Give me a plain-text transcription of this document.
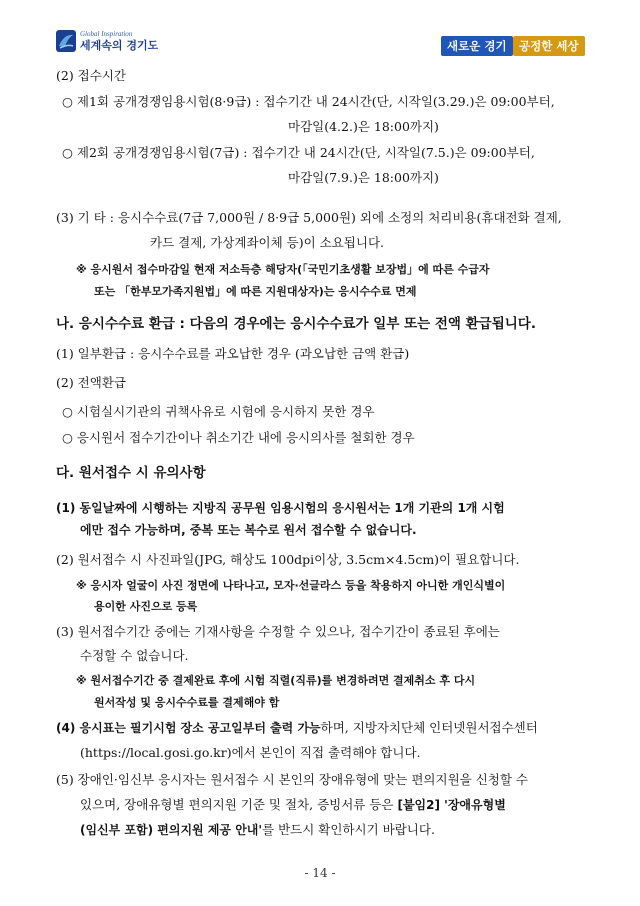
Global Inspiration
세계속의 경기도	새로운 경기	공정한 세상
(2) 접수시간
○ 제1회 공개경쟁임용시험(8·9급) : 접수기간 내 24시간(단, 시작일(3.29.)은 09:00부터,
마감일(4.2.)은 18:00까지)
○ 제2회 공개경쟁임용시험(7급) : 접수기간 내 24시간(단, 시작일(7.5.)은 09:00부터,
마감일(7.9.)은 18:00까지)
(3) 기 타 : 응시수수료(7급 7,000원 / 8·9급 5,000원) 외에 소정의 처리비용(휴대전화 결제,
카드 결제, 가상계좌이체 등)이 소요됩니다.
※ 응시원서 접수마감일 현재 저소득층 해당자(「국민기초생활 보장법」에 따른 수급자
또는 「한부모가족지원법」에 따른 지원대상자)는 응시수수료 면제
나. 응시수수료 환급 : 다음의 경우에는 응시수수료가 일부 또는 전액 환급됩니다.
(1) 일부환급 : 응시수수료를 과오납한 경우 (과오납한 금액 환급)
(2) 전액환급
○ 시험실시기관의 귀책사유로 시험에 응시하지 못한 경우
○ 응시원서 접수기간이나 취소기간 내에 응시의사를 철회한 경우
다. 원서접수 시 유의사항
(1) 동일날짜에 시행하는 지방직 공무원 임용시험의 응시원서는 1개 기관의 1개 시험
에만 접수 가능하며, 중복 또는 복수로 원서 접수할 수 없습니다.
(2) 원서접수 시 사진파일(JPG, 해상도 100dpi이상, 3.5cm×4.5cm)이 필요합니다.
※ 응시자 얼굴이 사진 정면에 나타나고, 모자·선글라스 등을 착용하지 아니한 개인식별이
용이한 사진으로 등록
(3) 원서접수기간 중에는 기재사항을 수정할 수 있으나, 접수기간이 종료된 후에는
수정할 수 없습니다.
※ 원서접수기간 중 결제완료 후에 시험 직렬(직류)를 변경하려면 결제취소 후 다시
원서작성 및 응시수수료를 결제해야 함
(4) 응시표는 필기시험 장소 공고일부터 출력 가능하며, 지방자치단체 인터넷원서접수센터
(https://local.gosi.go.kr)에서 본인이 직접 출력해야 합니다.
(5) 장애인·임신부 응시자는 원서접수 시 본인의 장애유형에 맞는 편의지원을 신청할 수
있으며, 장애유형별 편의지원 기준 및 절차, 증빙서류 등은 [붙임2] '장애유형별
(임신부 포함) 편의지원 제공 안내'를 반드시 확인하시기 바랍니다.
- 14 -
